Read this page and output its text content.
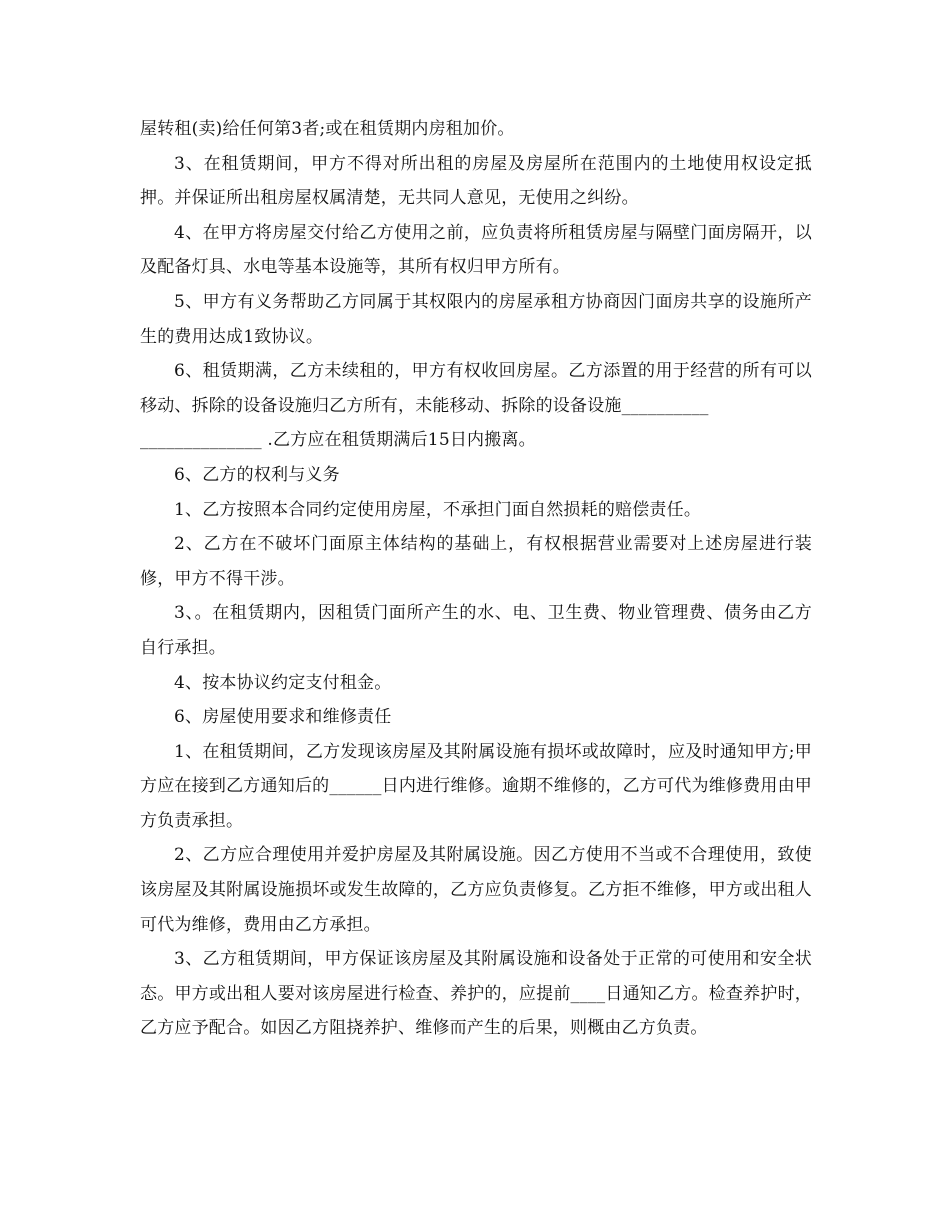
屋转租(卖)给任何第3者;或在租赁期内房租加价。

3、在租赁期间，甲方不得对所出租的房屋及房屋所在范围内的土地使用权设定抵押。并保证所出租房屋权属清楚，无共同人意见，无使用之纠纷。

4、在甲方将房屋交付给乙方使用之前，应负责将所租赁房屋与隔壁门面房隔开，以及配备灯具、水电等基本设施等，其所有权归甲方所有。

5、甲方有义务帮助乙方同属于其权限内的房屋承租方协商因门面房共享的设施所产生的费用达成1致协议。

6、租赁期满，乙方未续租的，甲方有权收回房屋。乙方添置的用于经营的所有可以移动、拆除的设备设施归乙方所有，未能移动、拆除的设备设施__________

______________ .乙方应在租赁期满后15日内搬离。

6、乙方的权利与义务

1、乙方按照本合同约定使用房屋，不承担门面自然损耗的赔偿责任。

2、乙方在不破坏门面原主体结构的基础上，有权根据营业需要对上述房屋进行装修，甲方不得干涉。

3、。在租赁期内，因租赁门面所产生的水、电、卫生费、物业管理费、债务由乙方自行承担。

4、按本协议约定支付租金。

6、房屋使用要求和维修责任

1、在租赁期间，乙方发现该房屋及其附属设施有损坏或故障时，应及时通知甲方;甲方应在接到乙方通知后的______日内进行维修。逾期不维修的，乙方可代为维修费用由甲方负责承担。

2、乙方应合理使用并爱护房屋及其附属设施。因乙方使用不当或不合理使用，致使该房屋及其附属设施损坏或发生故障的，乙方应负责修复。乙方拒不维修，甲方或出租人可代为维修，费用由乙方承担。

3、乙方租赁期间，甲方保证该房屋及其附属设施和设备处于正常的可使用和安全状态。甲方或出租人要对该房屋进行检查、养护的，应提前____日通知乙方。检查养护时，乙方应予配合。如因乙方阻挠养护、维修而产生的后果，则概由乙方负责。
